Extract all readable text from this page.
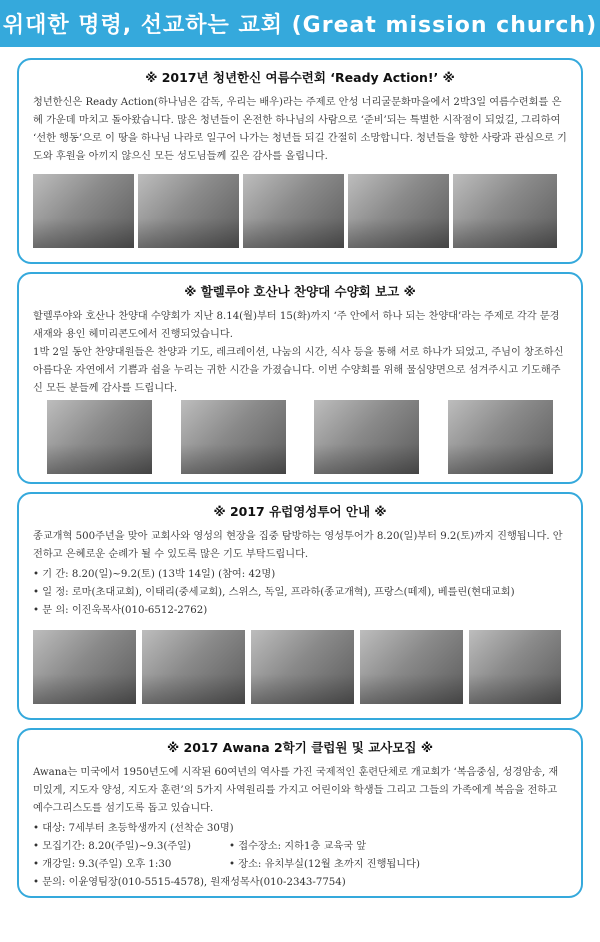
위대한 명령, 선교하는 교회 (Great mission church)
※ 2017년 청년한신 여름수련회 ‘Ready Action!’ ※

청년한신은 Ready Action(하나님은 감독, 우리는 배우)라는 주제로 안성 너리굴문화마을에서 2박3일 여름수련회를 은혜 가운데 마치고 돌아왔습니다. 많은 청년들이 온전한 하나님의 사람으로 ‘준비’되는 특별한 시작점이 되었길, 그리하여 ‘선한 행동’으로 이 땅을 하나님 나라로 일구어 나가는 청년들 되길 간절히 소망합니다. 청년들을 향한 사랑과 관심으로 기도와 후원을 아끼지 않으신 모든 성도님들께 깊은 감사를 올립니다.

※ 할렐루야 호산나 찬양대 수양회 보고 ※

할렐루야와 호산나 찬양대 수양회가 지난 8.14(월)부터 15(화)까지 ‘주 안에서 하나 되는 찬양대’라는 주제로 각각 문경새재와 용인 헤미리콘도에서 진행되었습니다.

1박 2일 동안 찬양대원들은 찬양과 기도, 레크레이션, 나눔의 시간, 식사 등을 통해 서로 하나가 되었고, 주님이 창조하신 아름다운 자연에서 기쁨과 쉼을 누리는 귀한 시간을 가졌습니다. 이번 수양회를 위해 물심양면으로 섬겨주시고 기도해주신 모든 분들께 감사를 드립니다.

※ 2017 유럽영성투어 안내 ※

종교개혁 500주년을 맞아 교회사와 영성의 현장을 집중 탐방하는 영성투어가 8.20(일)부터 9.2(토)까지 진행됩니다. 안전하고 은혜로운 순례가 될 수 있도록 많은 기도 부탁드립니다.

• 기 간: 8.20(일)~9.2(토) (13박 14일) (참여: 42명)
• 일 정: 로마(초대교회), 이태리(중세교회), 스위스, 독일, 프라하(종교개혁), 프랑스(떼제), 베를린(현대교회)
• 문 의: 이진욱목사(010-6512-2762)
※ 2017 Awana 2학기 클럽원 및 교사모집 ※

Awana는 미국에서 1950년도에 시작된 60여년의 역사를 가진 국제적인 훈련단체로 개교회가 ‘복음중심, 성경암송, 재미있게, 지도자 양성, 지도자 훈련’의 5가지 사역원리를 가지고 어린이와 학생들 그리고 그들의 가족에게 복음을 전하고 예수그리스도를 섬기도록 돕고 있습니다.

• 대상: 7세부터 초등학생까지 (선착순 30명)
• 모집기간: 8.20(주일)~9.3(주일)	• 접수장소: 지하1층 교육국 앞
• 개강일: 9.3(주일) 오후 1:30	• 장소: 유치부실(12월 초까지 진행됩니다)
• 문의: 이윤영팀장(010-5515-4578), 원재성목사(010-2343-7754)
